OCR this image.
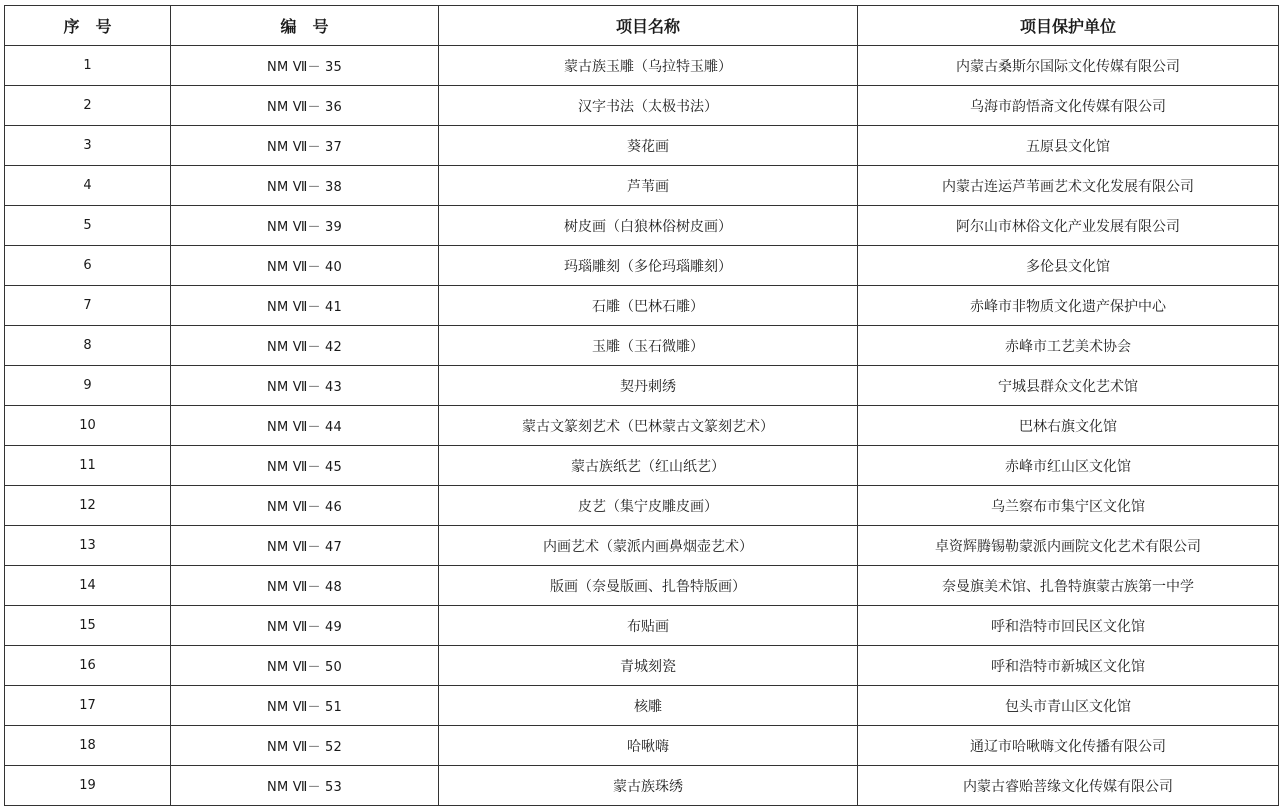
序　号	编　号	项目名称	项目保护单位
1	NM Ⅶ－ 35	蒙古族玉雕（乌拉特玉雕）	内蒙古桑斯尔国际文化传媒有限公司
2	NM Ⅶ－ 36	汉字书法（太极书法）	乌海市韵悟斋文化传媒有限公司
3	NM Ⅶ－ 37	葵花画	五原县文化馆
4	NM Ⅶ－ 38	芦苇画	内蒙古连运芦苇画艺术文化发展有限公司
5	NM Ⅶ－ 39	树皮画（白狼林俗树皮画）	阿尔山市林俗文化产业发展有限公司
6	NM Ⅶ－ 40	玛瑙雕刻（多伦玛瑙雕刻）	多伦县文化馆
7	NM Ⅶ－ 41	石雕（巴林石雕）	赤峰市非物质文化遗产保护中心
8	NM Ⅶ－ 42	玉雕（玉石微雕）	赤峰市工艺美术协会
9	NM Ⅶ－ 43	契丹刺绣	宁城县群众文化艺术馆
10	NM Ⅶ－ 44	蒙古文篆刻艺术（巴林蒙古文篆刻艺术）	巴林右旗文化馆
11	NM Ⅶ－ 45	蒙古族纸艺（红山纸艺）	赤峰市红山区文化馆
12	NM Ⅶ－ 46	皮艺（集宁皮雕皮画）	乌兰察布市集宁区文化馆
13	NM Ⅶ－ 47	内画艺术（蒙派内画鼻烟壶艺术）	卓资辉腾锡勒蒙派内画院文化艺术有限公司
14	NM Ⅶ－ 48	版画（奈曼版画、扎鲁特版画）	奈曼旗美术馆、扎鲁特旗蒙古族第一中学
15	NM Ⅶ－ 49	布贴画	呼和浩特市回民区文化馆
16	NM Ⅶ－ 50	青城刻瓷	呼和浩特市新城区文化馆
17	NM Ⅶ－ 51	核雕	包头市青山区文化馆
18	NM Ⅶ－ 52	哈啾嗨	通辽市哈啾嗨文化传播有限公司
19	NM Ⅶ－ 53	蒙古族珠绣	内蒙古睿贻菩缘文化传媒有限公司
